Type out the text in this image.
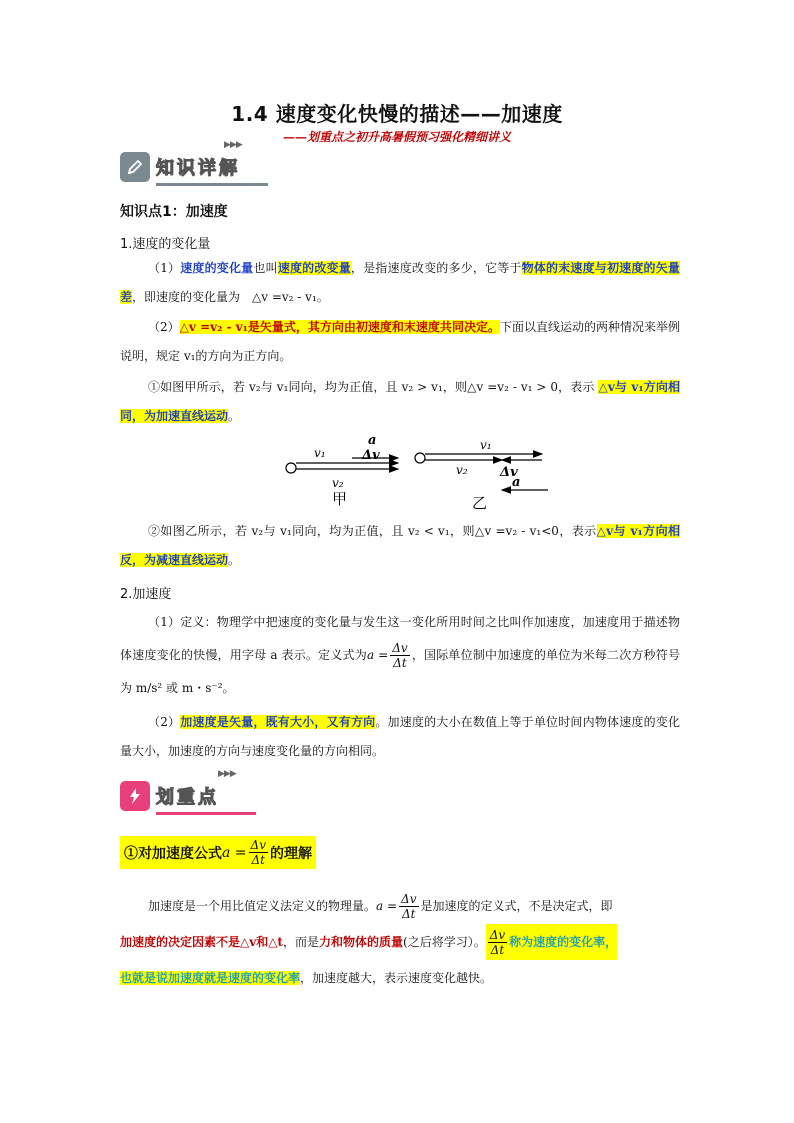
1.4 速度变化快慢的描述——加速度
——划重点之初升高暑假预习强化精细讲义
知识详解
▶▶▶
知识点1：加速度
1.速度的变化量
（1）速度的变化量也叫速度的改变量，是指速度改变的多少，它等于物体的末速度与初速度的矢量差，即速度的变化量为　△v =v₂ - v₁。
（2）△v =v₂ - v₁是矢量式，其方向由初速度和末速度共同决定。下面以直线运动的两种情况来举例说明，规定 v₁的方向为正方向。
①如图甲所示，若 v₂与 v₁同向，均为正值，且 v₂ > v₁，则△v =v₂ - v₁ > 0，表示 △v与 v₁方向相同，为加速直线运动。
v₁
a
Δv
v₂
甲
v₁
v₂ Δv
a
乙
②如图乙所示，若 v₂与 v₁同向，均为正值，且 v₂ < v₁，则△v =v₂ - v₁<0，表示△v与 v₁方向相反，为减速直线运动。
2.加速度
（1）定义：物理学中把速度的变化量与发生这一变化所用时间之比叫作加速度，加速度用于描述物体速度变化的快慢，用字母 a 表示。定义式为$a = \frac{\Delta v}{\Delta t}$ ，国际单位制中加速度的单位为米每二次方秒符号为 m/s² 或 m・s⁻²。
（2）加速度是矢量，既有大小，又有方向。加速度的大小在数值上等于单位时间内物体速度的变化量大小，加速度的方向与速度变化量的方向相同。
划重点
▶▶▶
①对加速度公式 $a = \frac{\Delta v}{\Delta t}$ 的理解
加速度是一个用比值定义法定义的物理量。$a = \frac{\Delta v}{\Delta t}$ 是加速度的定义式，不是决定式，即
加速度的决定因素不是△v和△t，而是力和物体的质量(之后将学习）。 $\frac{\Delta v}{\Delta t}$ 称为速度的变化率，
也就是说加速度就是速度的变化率，加速度越大，表示速度变化越快。
